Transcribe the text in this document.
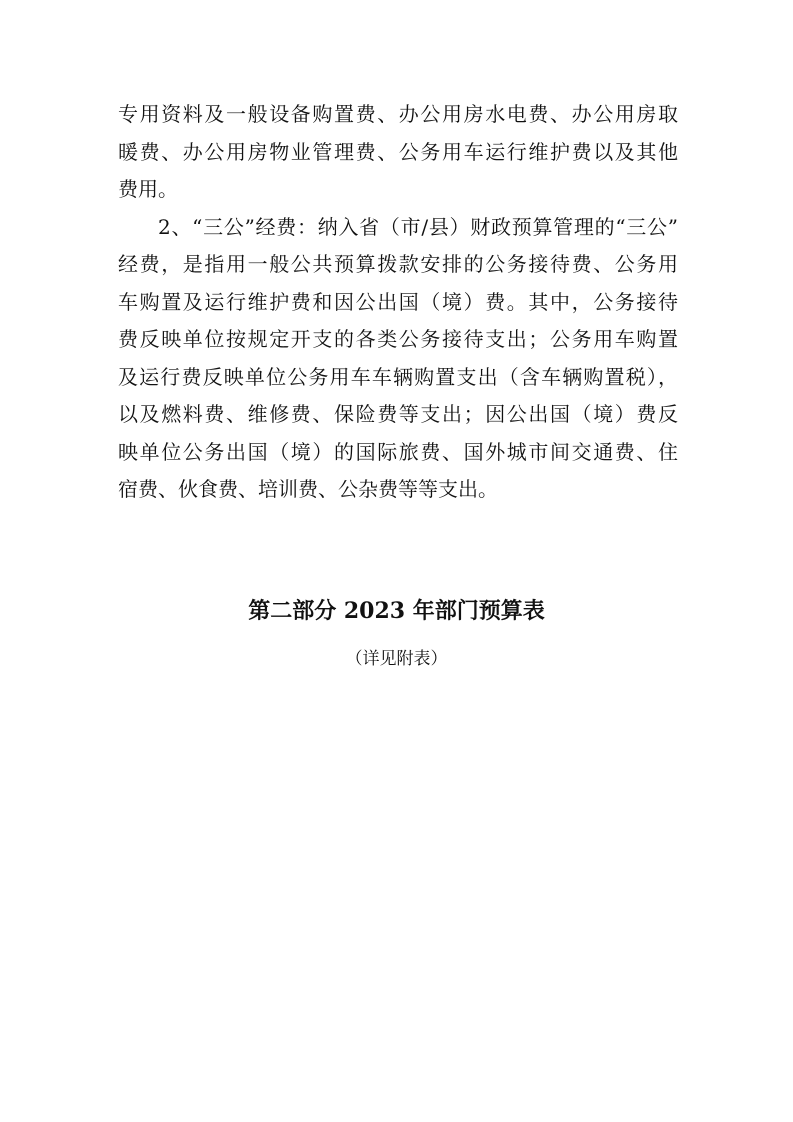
专用资料及一般设备购置费、办公用房水电费、办公用房取
暖费、办公用房物业管理费、公务用车运行维护费以及其他
费用。
2、“三公”经费：纳入省（市/县）财政预算管理的“三公”
经费，是指用一般公共预算拨款安排的公务接待费、公务用
车购置及运行维护费和因公出国（境）费。其中，公务接待
费反映单位按规定开支的各类公务接待支出；公务用车购置
及运行费反映单位公务用车车辆购置支出（含车辆购置税），
以及燃料费、维修费、保险费等支出；因公出国（境）费反
映单位公务出国（境）的国际旅费、国外城市间交通费、住
宿费、伙食费、培训费、公杂费等等支出。
第二部分 2023 年部门预算表
（详见附表）
